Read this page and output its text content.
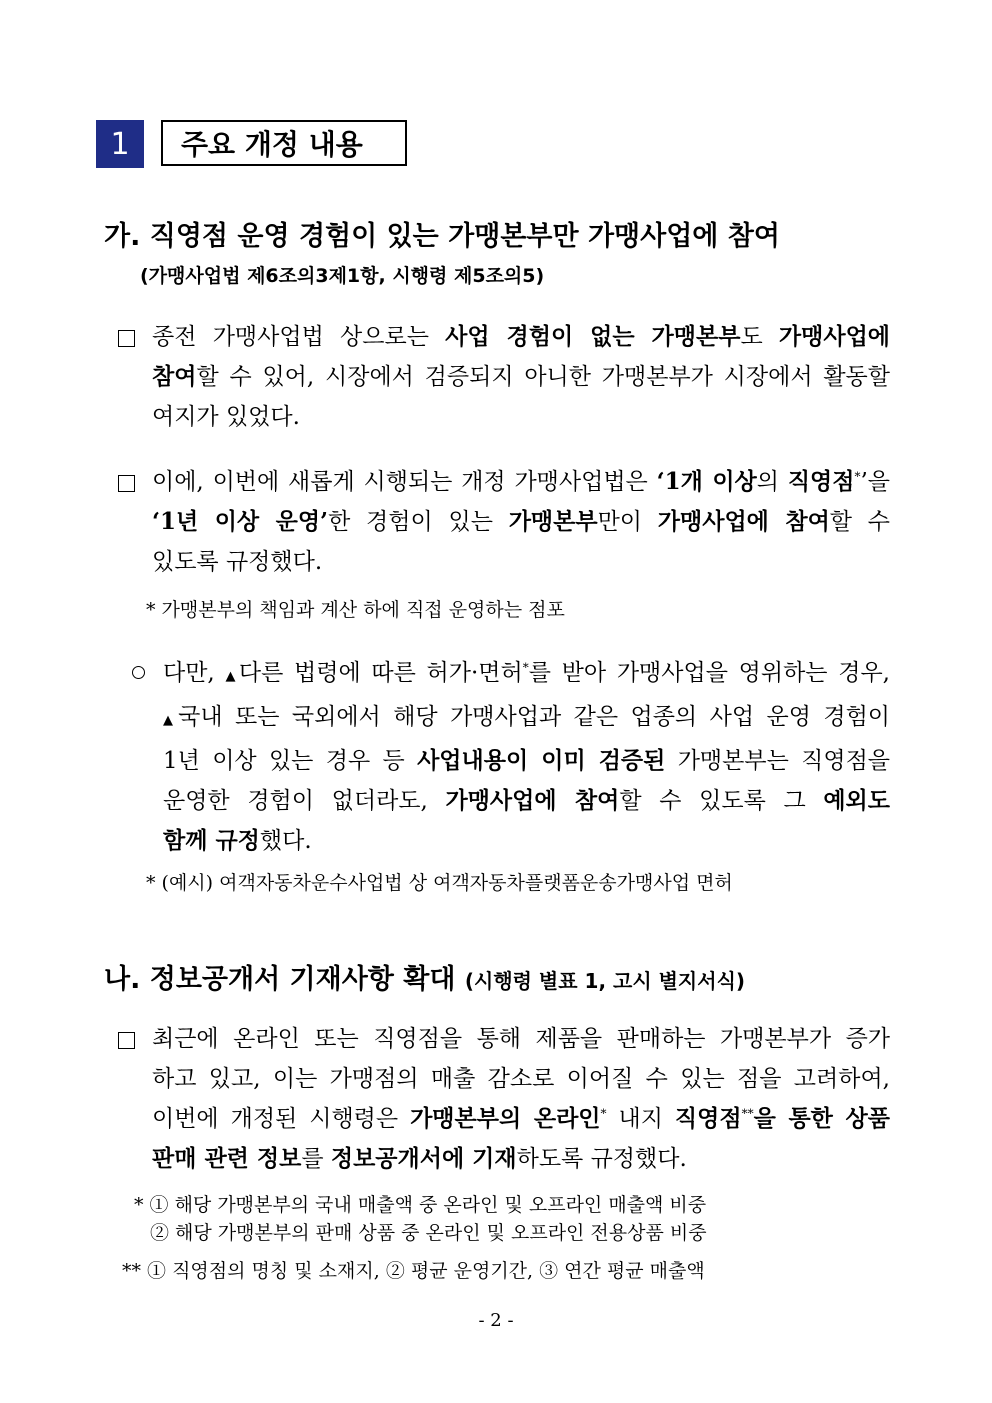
1	주요 개정 내용
가. 직영점 운영 경험이 있는 가맹본부만 가맹사업에 참여
(가맹사업법 제6조의3제1항, 시행령 제5조의5)
종전 가맹사업법 상으로는 사업 경험이 없는 가맹본부도 가맹사업에
참여할 수 있어, 시장에서 검증되지 아니한 가맹본부가 시장에서 활동할
여지가 있었다.
이에, 이번에 새롭게 시행되는 개정 가맹사업법은 ‘1개 이상의 직영점*’을
‘1년 이상 운영’한 경험이 있는 가맹본부만이 가맹사업에 참여할 수
있도록 규정했다.
* 가맹본부의 책임과 계산 하에 직접 운영하는 점포
다만, ▲다른 법령에 따른 허가·면허*를 받아 가맹사업을 영위하는 경우,
▲국내 또는 국외에서 해당 가맹사업과 같은 업종의 사업 운영 경험이
1년 이상 있는 경우 등 사업내용이 이미 검증된 가맹본부는 직영점을
운영한 경험이 없더라도, 가맹사업에 참여할 수 있도록 그 예외도
함께 규정했다.
* (예시) 여객자동차운수사업법 상 여객자동차플랫폼운송가맹사업 면허
나. 정보공개서 기재사항 확대 (시행령 별표 1, 고시 별지서식)
최근에 온라인 또는 직영점을 통해 제품을 판매하는 가맹본부가 증가
하고 있고, 이는 가맹점의 매출 감소로 이어질 수 있는 점을 고려하여,
이번에 개정된 시행령은 가맹본부의 온라인* 내지 직영점**을 통한 상품
판매 관련 정보를 정보공개서에 기재하도록 규정했다.
* ① 해당 가맹본부의 국내 매출액 중 온라인 및 오프라인 매출액 비중
② 해당 가맹본부의 판매 상품 중 온라인 및 오프라인 전용상품 비중
** ① 직영점의 명칭 및 소재지, ② 평균 운영기간, ③ 연간 평균 매출액
- 2 -
